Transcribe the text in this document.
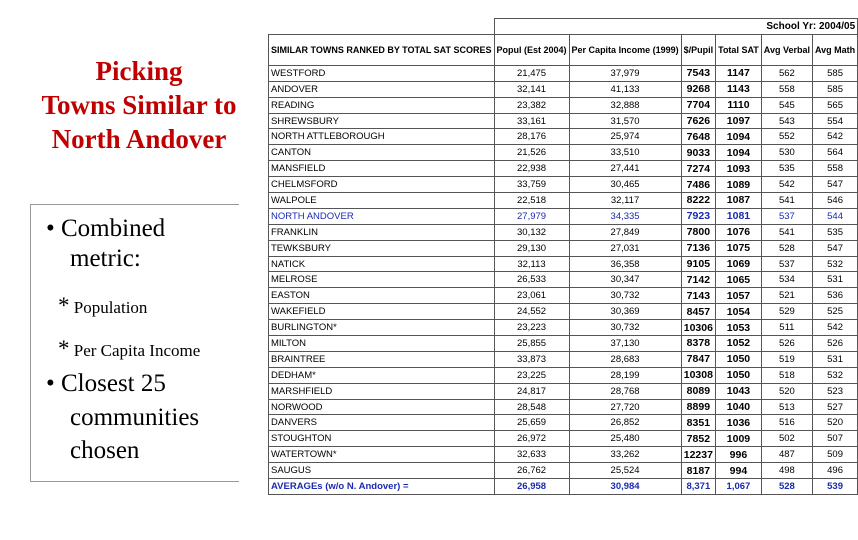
Picking
Towns Similar to
North Andover
• Combined
metric:
* Population
* Per Capita Income
• Closest 25
communities
chosen
	School Yr: 2004/05					
SIMILAR TOWNS RANKED BY TOTAL SAT SCORES	Popul (Est 2004)	Per Capita Income (1999)	$/Pupil	Total SAT	Avg Verbal	Avg Math
WESTFORD	21,475	37,979	7543	1147	562	585
ANDOVER	32,141	41,133	9268	1143	558	585
READING	23,382	32,888	7704	1110	545	565
SHREWSBURY	33,161	31,570	7626	1097	543	554
NORTH ATTLEBOROUGH	28,176	25,974	7648	1094	552	542
CANTON	21,526	33,510	9033	1094	530	564
MANSFIELD	22,938	27,441	7274	1093	535	558
CHELMSFORD	33,759	30,465	7486	1089	542	547
WALPOLE	22,518	32,117	8222	1087	541	546
NORTH ANDOVER	27,979	34,335	7923	1081	537	544
FRANKLIN	30,132	27,849	7800	1076	541	535
TEWKSBURY	29,130	27,031	7136	1075	528	547
NATICK	32,113	36,358	9105	1069	537	532
MELROSE	26,533	30,347	7142	1065	534	531
EASTON	23,061	30,732	7143	1057	521	536
WAKEFIELD	24,552	30,369	8457	1054	529	525
BURLINGTON*	23,223	30,732	10306	1053	511	542
MILTON	25,855	37,130	8378	1052	526	526
BRAINTREE	33,873	28,683	7847	1050	519	531
DEDHAM*	23,225	28,199	10308	1050	518	532
MARSHFIELD	24,817	28,768	8089	1043	520	523
NORWOOD	28,548	27,720	8899	1040	513	527
DANVERS	25,659	26,852	8351	1036	516	520
STOUGHTON	26,972	25,480	7852	1009	502	507
WATERTOWN*	32,633	33,262	12237	996	487	509
SAUGUS	26,762	25,524	8187	994	498	496
AVERAGEs (w/o N. Andover) =	26,958	30,984	8,371	1,067	528	539
